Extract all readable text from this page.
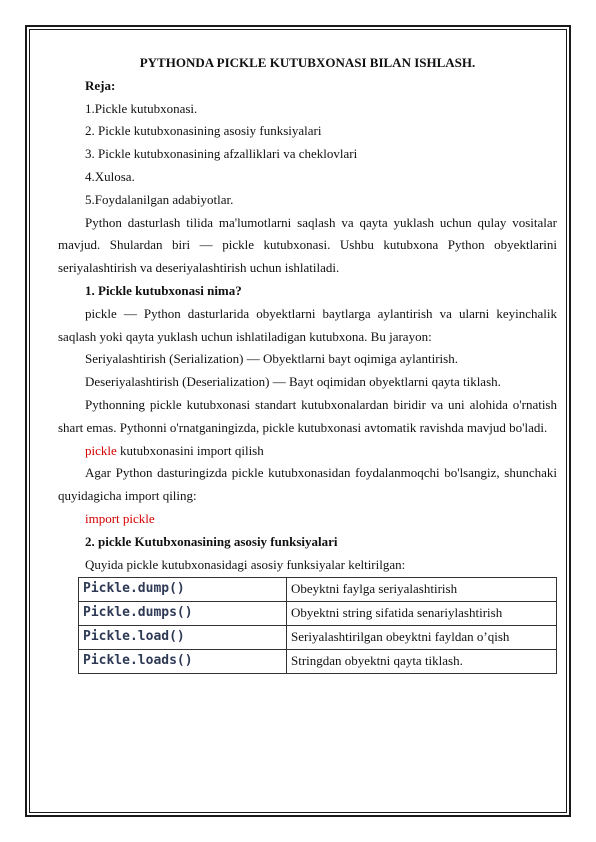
PYTHONDA PICKLE KUTUBXONASI BILAN ISHLASH.

Reja:

1.Pickle kutubxonasi.

2. Pickle kutubxonasining asosiy funksiyalari

3. Pickle kutubxonasining afzalliklari va cheklovlari

4.Xulosa.

5.Foydalanilgan adabiyotlar.

Python dasturlash tilida ma'lumotlarni saqlash va qayta yuklash uchun qulay vositalar mavjud. Shulardan biri — pickle kutubxonasi. Ushbu kutubxona Python obyektlarini seriyalashtirish va deseriyalashtirish uchun ishlatiladi.

1. Pickle kutubxonasi nima?

pickle — Python dasturlarida obyektlarni baytlarga aylantirish va ularni keyinchalik saqlash yoki qayta yuklash uchun ishlatiladigan kutubxona. Bu jarayon:

Seriyalashtirish (Serialization) — Obyektlarni bayt oqimiga aylantirish.

Deseriyalashtirish (Deserialization) — Bayt oqimidan obyektlarni qayta tiklash.

Pythonning pickle kutubxonasi standart kutubxonalardan biridir va uni alohida o'rnatish shart emas. Pythonni o'rnatganingizda, pickle kutubxonasi avtomatik ravishda mavjud bo'ladi.

pickle kutubxonasini import qilish

Agar Python dasturingizda pickle kutubxonasidan foydalanmoqchi bo'lsangiz, shunchaki quyidagicha import qiling:

import pickle

2. pickle Kutubxonasining asosiy funksiyalari

Quyida pickle kutubxonasidagi asosiy funksiyalar keltirilgan:

Pickle.dump()	Obeyktni faylga seriyalashtirish
Pickle.dumps()	Obyektni string sifatida senariylashtirish
Pickle.load()	Seriyalashtirilgan obeyktni fayldan o’qish
Pickle.loads()	Stringdan obyektni qayta tiklash.
